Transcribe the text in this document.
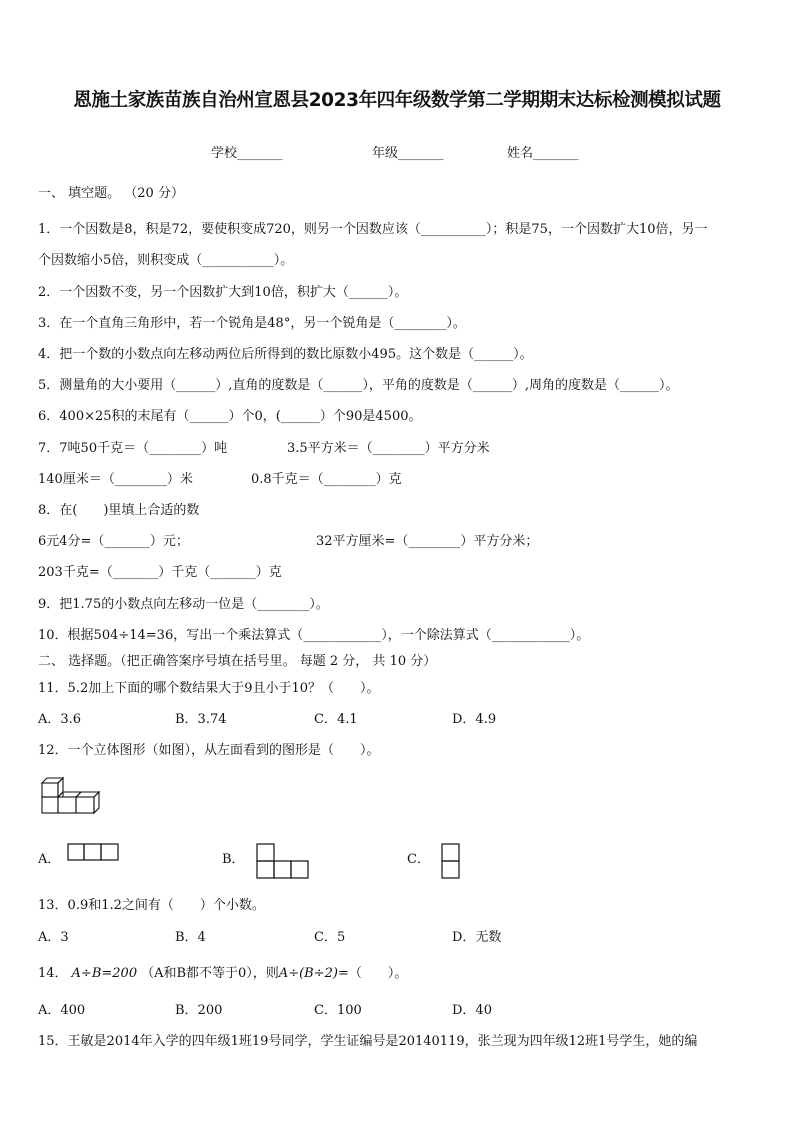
恩施土家族苗族自治州宣恩县2023年四年级数学第二学期期末达标检测模拟试题
学校_______	年级_______	姓名_______
一、 填空题。 （20 分）
1．一个因数是8，积是72，要使积变成720，则另一个因数应该（__________）；积是75，一个因数扩大10倍，另一
个因数缩小5倍，则积变成（___________）。
2．一个因数不变，另一个因数扩大到10倍，积扩大（______）。
3．在一个直角三角形中，若一个锐角是48°，另一个锐角是（________）。
4．把一个数的小数点向左移动两位后所得到的数比原数小495。这个数是（______）。
5．测量角的大小要用（______）,直角的度数是（______），平角的度数是（______）,周角的度数是（______）。
6．400×25积的末尾有（______）个0，(______）个90是4500。
7．7吨50千克＝（________）吨	3.5平方米＝（________）平方分米
140厘米＝（________）米	0.8千克＝（________）克
8．在(　　)里填上合适的数
6元4分=（_______）元；	32平方厘米=（________）平方分米；
203千克=（_______）千克（_______）克
9．把1.75的小数点向左移动一位是（________）。
10．根据504÷14=36，写出一个乘法算式（____________），一个除法算式（____________）。
二、 选择题。（把正确答案序号填在括号里。 每题 2 分， 共 10 分）
11．5.2加上下面的哪个数结果大于9且小于10？（　　）。
A．3.6	B．3.74	C．4.1	D．4.9
12．一个立体图形（如图），从左面看到的图形是（　　）。
A．	B．	C．
13．0.9和1.2之间有（　　）个小数。
A．3	B．4	C．5	D．无数
14． A÷B=200 （A和B都不等于0），则A÷(B÷2)=（　　）。
A．400	B．200	C．100	D．40
15．王敏是2014年入学的四年级1班19号同学，学生证编号是20140119，张兰现为四年级12班1号学生，她的编
